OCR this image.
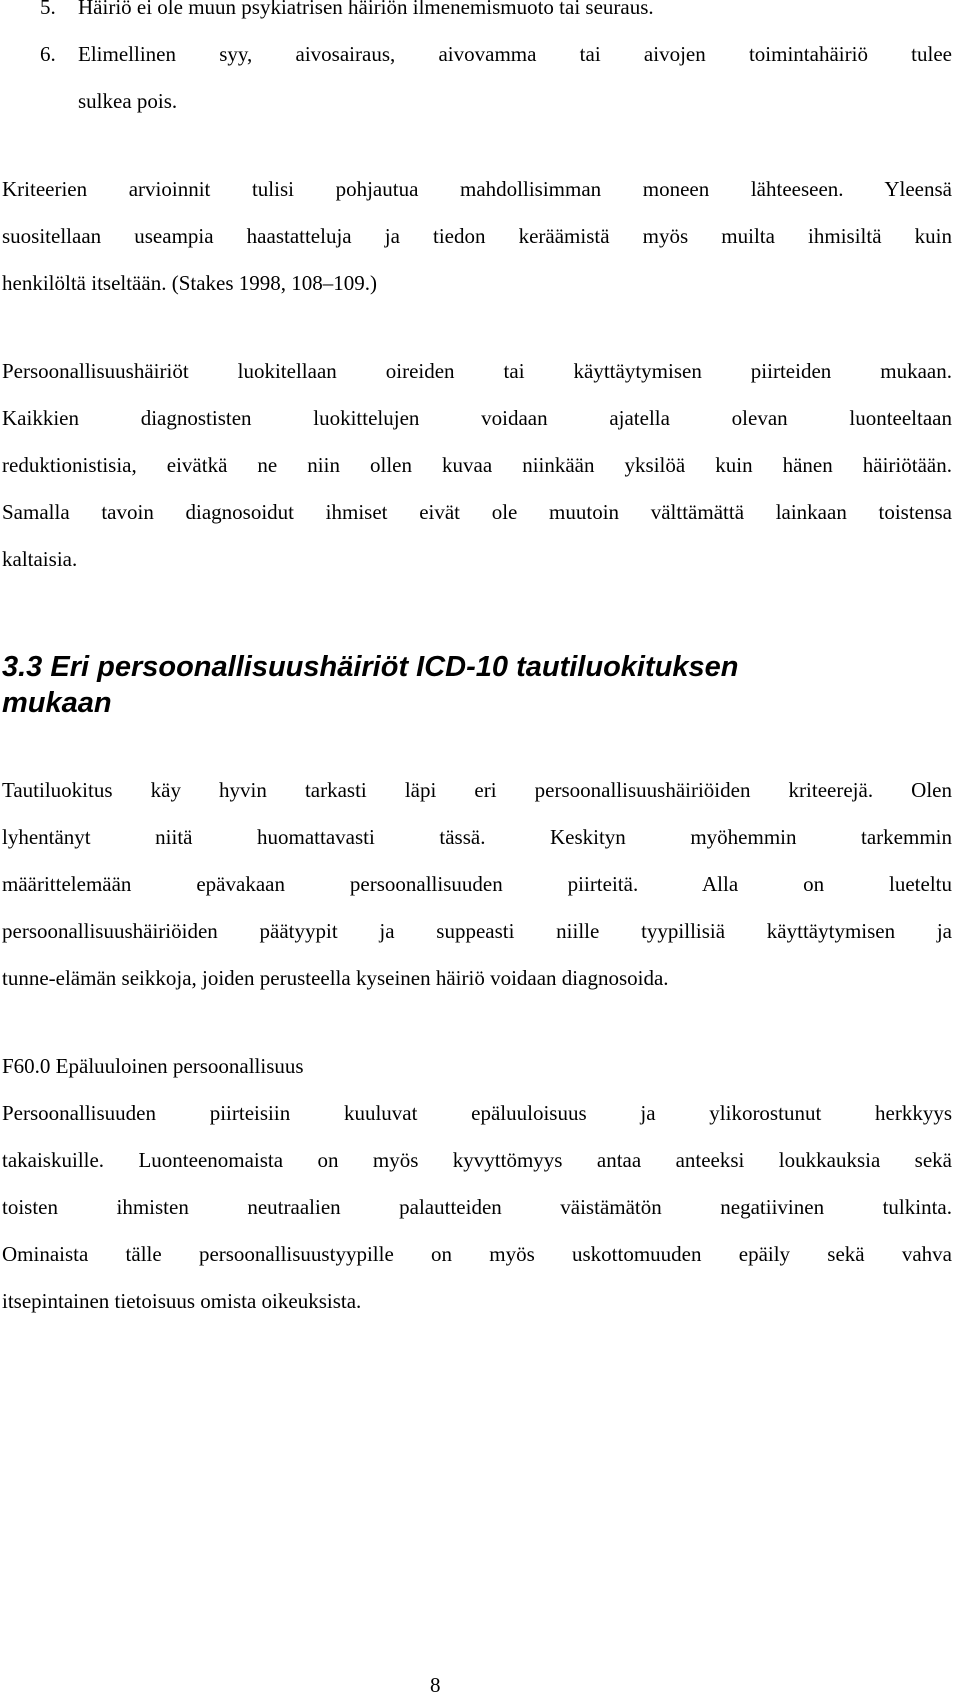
5. Häiriö ei ole muun psykiatrisen häiriön ilmenemismuoto tai seuraus.

6. Elimellinen syy, aivosairaus, aivovamma tai aivojen toimintahäiriö tulee

sulkea pois.

Kriteerien arvioinnit tulisi pohjautua mahdollisimman moneen lähteeseen. Yleensä

suositellaan useampia haastatteluja ja tiedon keräämistä myös muilta ihmisiltä kuin

henkilöltä itseltään. (Stakes 1998, 108–109.)

Persoonallisuushäiriöt luokitellaan oireiden tai käyttäytymisen piirteiden mukaan.

Kaikkien diagnostisten luokittelujen voidaan ajatella olevan luonteeltaan

reduktionistisia, eivätkä ne niin ollen kuvaa niinkään yksilöä kuin hänen häiriötään.

Samalla tavoin diagnosoidut ihmiset eivät ole muutoin välttämättä lainkaan toistensa

kaltaisia.

3.3 Eri persoonallisuushäiriöt ICD-10 tautiluokituksen
mukaan

Tautiluokitus käy hyvin tarkasti läpi eri persoonallisuushäiriöiden kriteerejä. Olen

lyhentänyt niitä huomattavasti tässä. Keskityn myöhemmin tarkemmin

määrittelemään epävakaan persoonallisuuden piirteitä. Alla on lueteltu

persoonallisuushäiriöiden päätyypit ja suppeasti niille tyypillisiä käyttäytymisen ja

tunne-elämän seikkoja, joiden perusteella kyseinen häiriö voidaan diagnosoida.

F60.0 Epäluuloinen persoonallisuus

Persoonallisuuden piirteisiin kuuluvat epäluuloisuus ja ylikorostunut herkkyys

takaiskuille. Luonteenomaista on myös kyvyttömyys antaa anteeksi loukkauksia sekä

toisten ihmisten neutraalien palautteiden väistämätön negatiivinen tulkinta.

Ominaista tälle persoonallisuustyypille on myös uskottomuuden epäily sekä vahva

itsepintainen tietoisuus omista oikeuksista.

8
